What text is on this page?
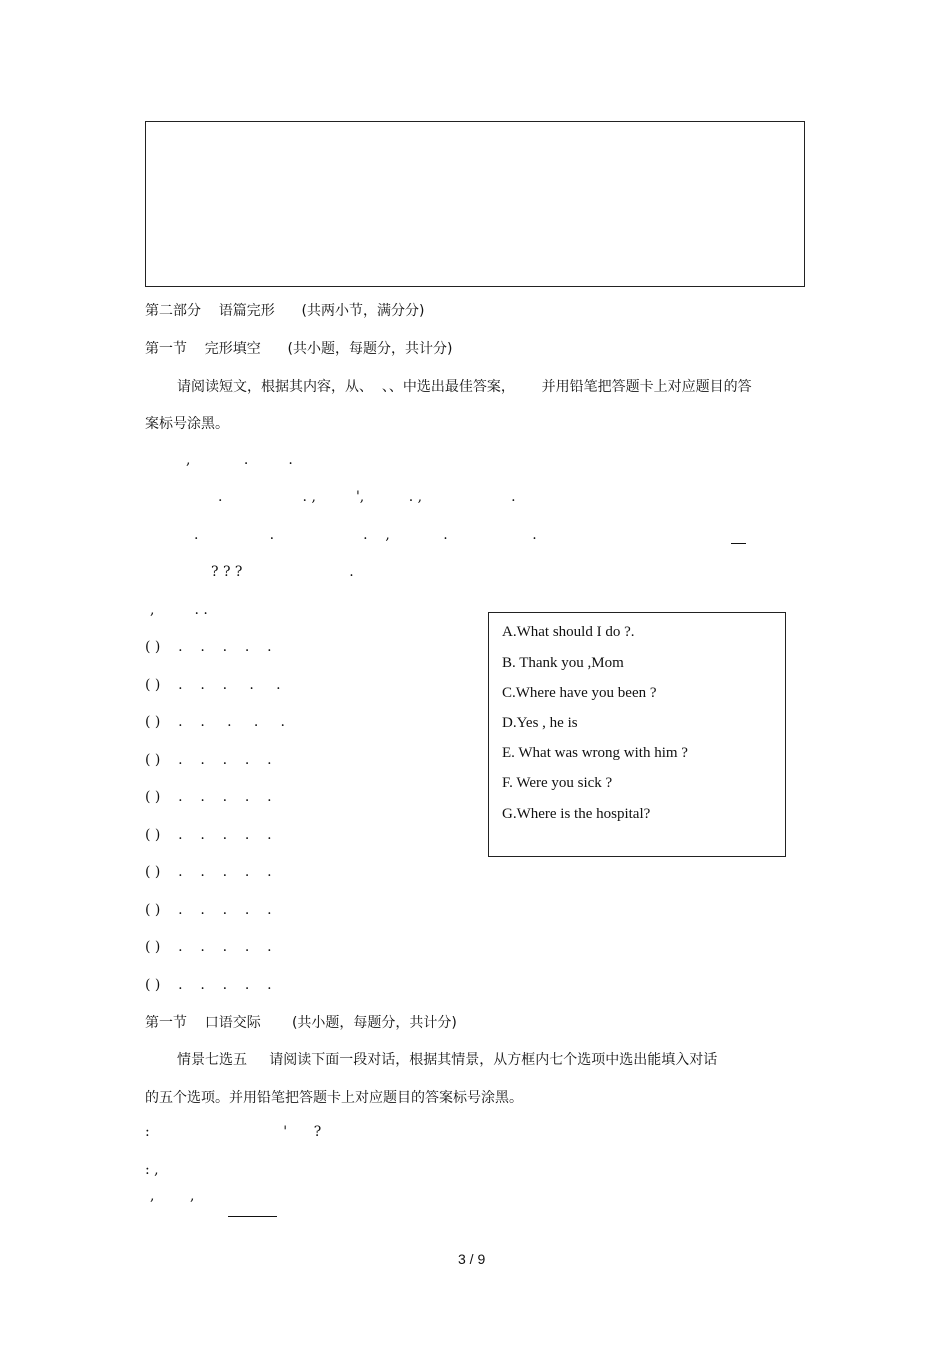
第二部分    语篇完形      (共两小节，满分分)
第一节    完形填空      (共小题，每题分，共计分)
请阅读短文，根据其内容，从、  、、中选出最佳答案，      并用铅笔把答题卡上对应题目的答
案标号涂黑。
,            .         .
.                  . ,         ',          . ,                    .
.                .                    .    ,            .                   .
? ? ?                        .
,         . .
( )    .    .    .    .    .
( )    .    .    .     .     .
( )    .    .     .     .     .
( )    .    .    .    .    .
( )    .    .    .    .    .
( )    .    .    .    .    .
( )    .    .    .    .    .
( )    .    .    .    .    .
( )    .    .    .    .    .
( )    .    .    .    .    .
A.What should I do ?.
B. Thank you ,Mom
C.Where have you been ?
D.Yes , he is
E. What was wrong with him ?
F. Were you sick ?
G.Where is the hospital?
第一节    口语交际       (共小题，每题分，共计分)
情景七选五     请阅读下面一段对话，根据其情景，从方框内七个选项中选出能填入对话
的五个选项。并用铅笔把答题卡上对应题目的答案标号涂黑。
:                              '      ?
: ,
,        ,
3 / 9
